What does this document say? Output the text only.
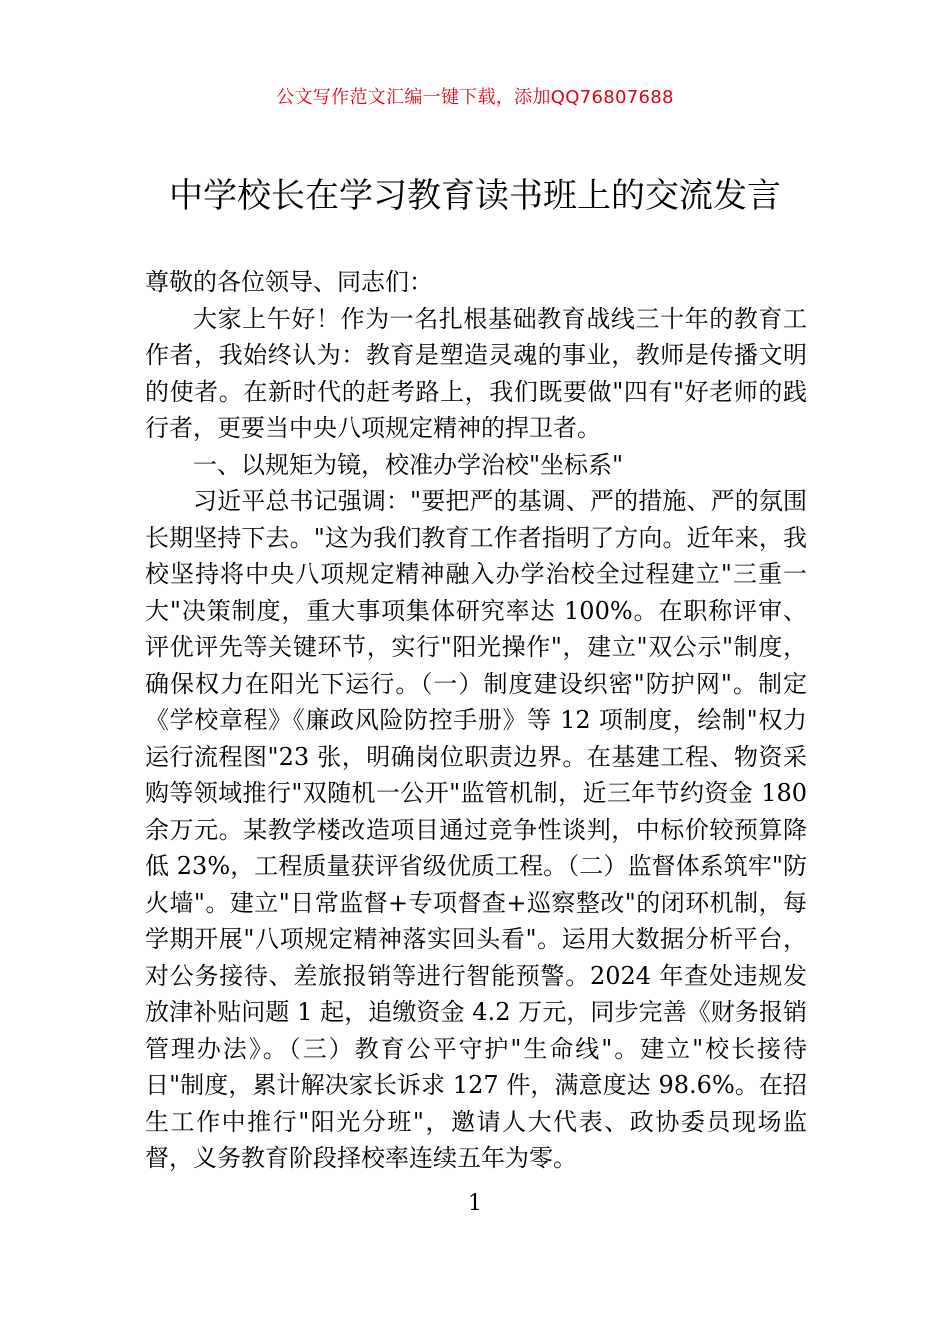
公文写作范文汇编一键下载，添加QQ76807688
中学校长在学习教育读书班上的交流发言

尊敬的各位领导、同志们：

大家上午好！作为一名扎根基础教育战线三十年的教育工作者，我始终认为：教育是塑造灵魂的事业，教师是传播文明的使者。在新时代的赶考路上，我们既要做"四有"好老师的践行者，更要当中央八项规定精神的捍卫者。

一、以规矩为镜，校准办学治校"坐标系"

习近平总书记强调："要把严的基调、严的措施、严的氛围长期坚持下去。"这为我们教育工作者指明了方向。近年来，我校坚持将中央八项规定精神融入办学治校全过程建立"三重一大"决策制度，重大事项集体研究率达 100%。在职称评审、评优评先等关键环节，实行"阳光操作"，建立"双公示"制度，确保权力在阳光下运行。（一）制度建设织密"防护网"。制定《学校章程》《廉政风险防控手册》等 12 项制度，绘制"权力运行流程图"23 张，明确岗位职责边界。在基建工程、物资采购等领域推行"双随机一公开"监管机制，近三年节约资金 180 余万元。某教学楼改造项目通过竞争性谈判，中标价较预算降低 23%，工程质量获评省级优质工程。（二）监督体系筑牢"防火墙"。建立"日常监督+专项督查+巡察整改"的闭环机制，每学期开展"八项规定精神落实回头看"。运用大数据分析平台，对公务接待、差旅报销等进行智能预警。2024 年查处违规发放津补贴问题 1 起，追缴资金 4.2 万元，同步完善《财务报销管理办法》。（三）教育公平守护"生命线"。建立"校长接待日"制度，累计解决家长诉求 127 件，满意度达 98.6%。在招生工作中推行"阳光分班"，邀请人大代表、政协委员现场监督，义务教育阶段择校率连续五年为零。

1
